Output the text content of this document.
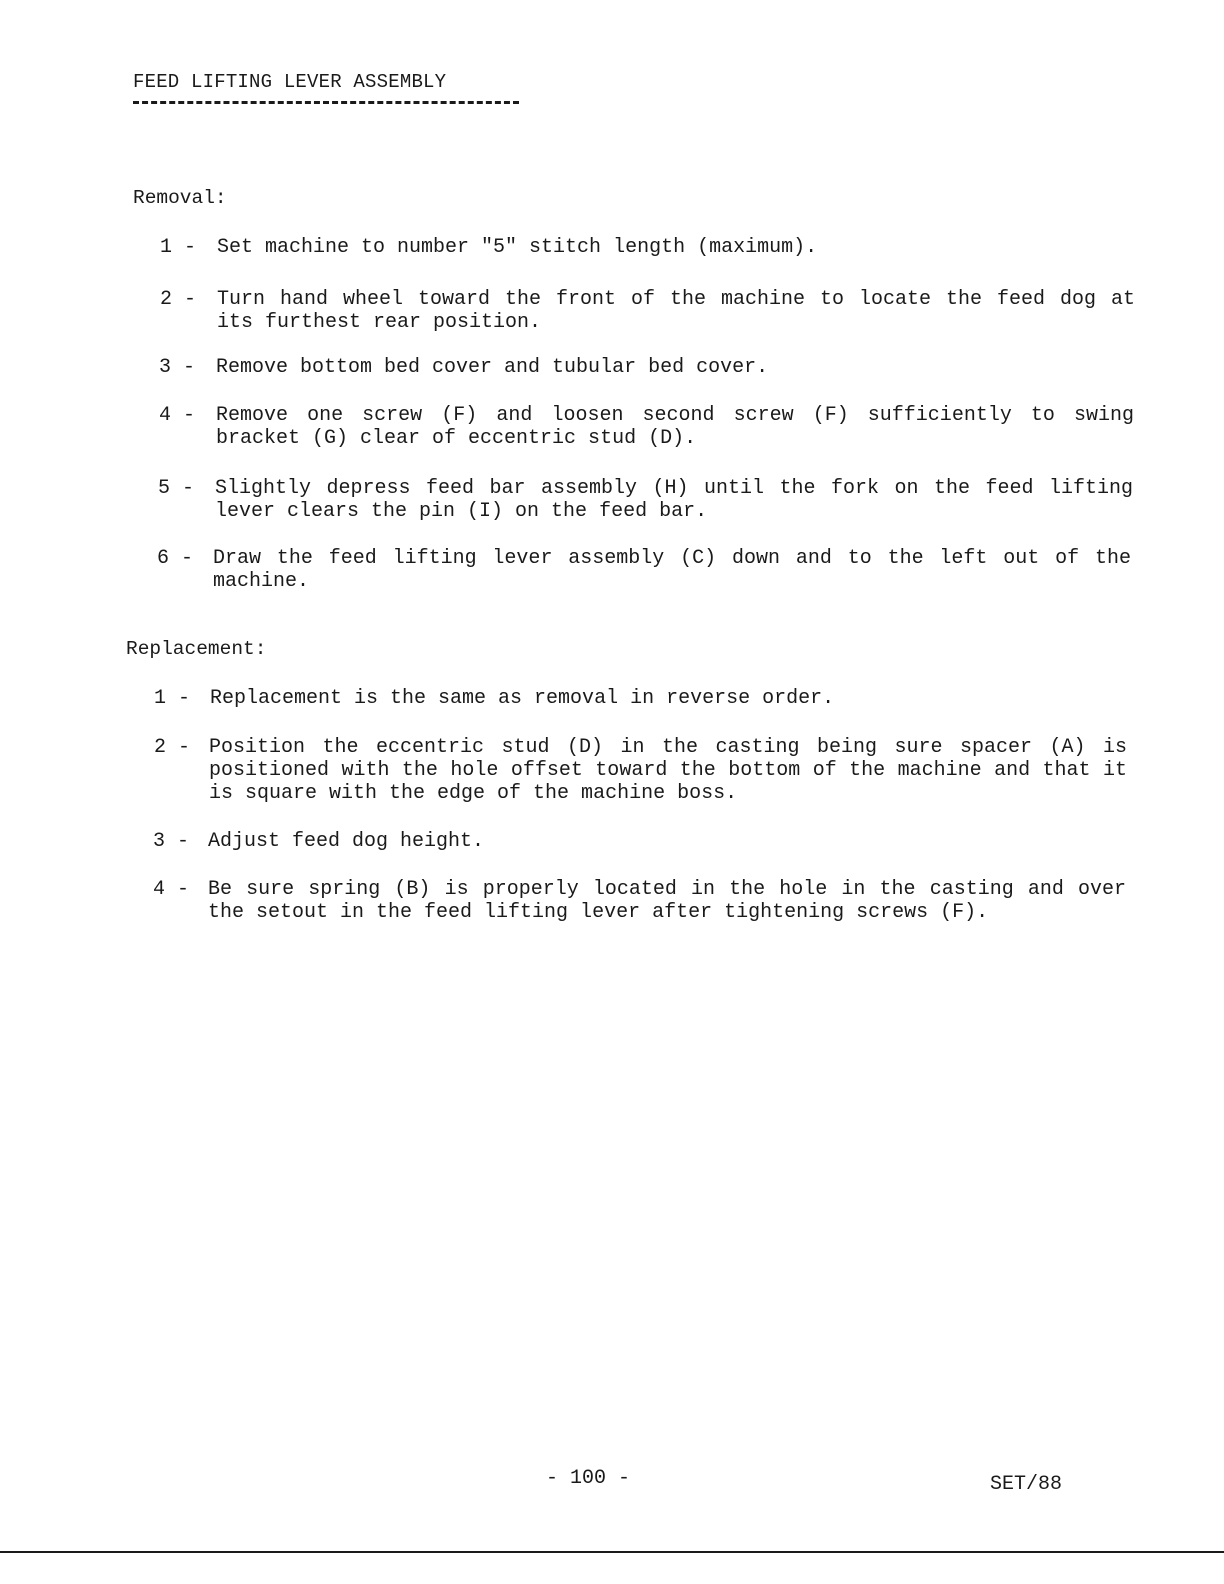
FEED LIFTING LEVER ASSEMBLY
Removal:
1 - Set machine to number "5" stitch length (maximum).
2 - Turn hand wheel toward the front of the machine to locate the feed dog at its furthest rear position.
3 - Remove bottom bed cover and tubular bed cover.
4 - Remove one screw (F) and loosen second screw (F) sufficiently to swing bracket (G) clear of eccentric stud (D).
5 - Slightly depress feed bar assembly (H) until the fork on the feed lifting lever clears the pin (I) on the feed bar.
6 - Draw the feed lifting lever assembly (C) down and to the left out of the machine.
Replacement:
1 - Replacement is the same as removal in reverse order.
2 - Position the eccentric stud (D) in the casting being sure spacer (A) is positioned with the hole offset toward the bottom of the machine and that it is square with the edge of the machine boss.
3 - Adjust feed dog height.
4 - Be sure spring (B) is properly located in the hole in the casting and over the setout in the feed lifting lever after tightening screws (F).
- 100 -	SET/88
